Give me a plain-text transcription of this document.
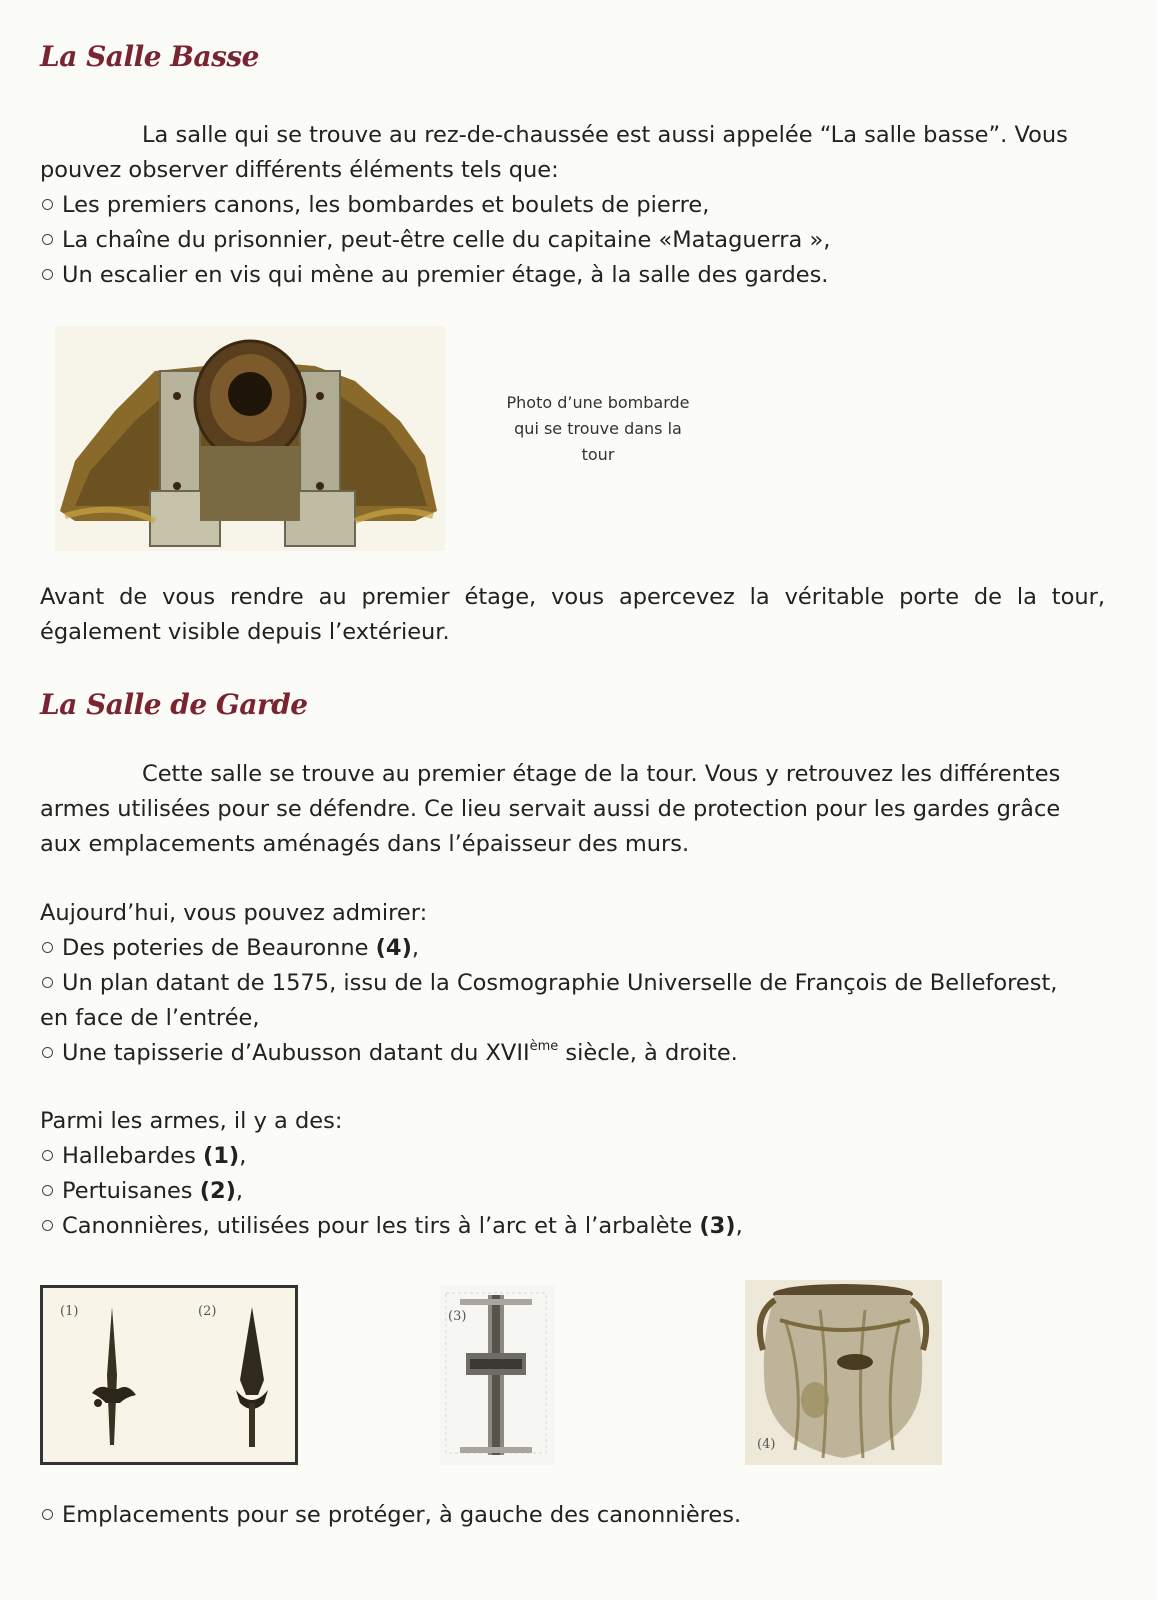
La Salle Basse
La salle qui se trouve au rez-de-chaussée est aussi appelée “La salle basse”. Vous
pouvez observer différents éléments tels que:
Les premiers canons, les bombardes et boulets de pierre,
La chaîne du prisonnier, peut-être celle du capitaine «Mataguerra »,
Un escalier en vis qui mène au premier étage, à la salle des gardes.
Photo d’une bombarde
qui se trouve dans la
tour
Avant de vous rendre au premier étage, vous apercevez la véritable porte de la tour,
également visible depuis l’extérieur.
La Salle de Garde
Cette salle se trouve au premier étage de la tour. Vous y retrouvez les différentes
armes utilisées pour se défendre. Ce lieu servait aussi de protection pour les gardes grâce
aux emplacements aménagés dans l’épaisseur des murs.
Aujourd’hui, vous pouvez admirer:
Des poteries de Beauronne (4),
Un plan datant de 1575, issu de la Cosmographie Universelle de François de Belleforest,
en face de l’entrée,
Une tapisserie d’Aubusson datant du XVIIème siècle, à droite.
Parmi les armes, il y a des:
Hallebardes (1),
Pertuisanes (2),
Canonnières, utilisées pour les tirs à l’arc et à l’arbalète (3),
(1)	(2)	(3)
(4)
Emplacements pour se protéger, à gauche des canonnières.
